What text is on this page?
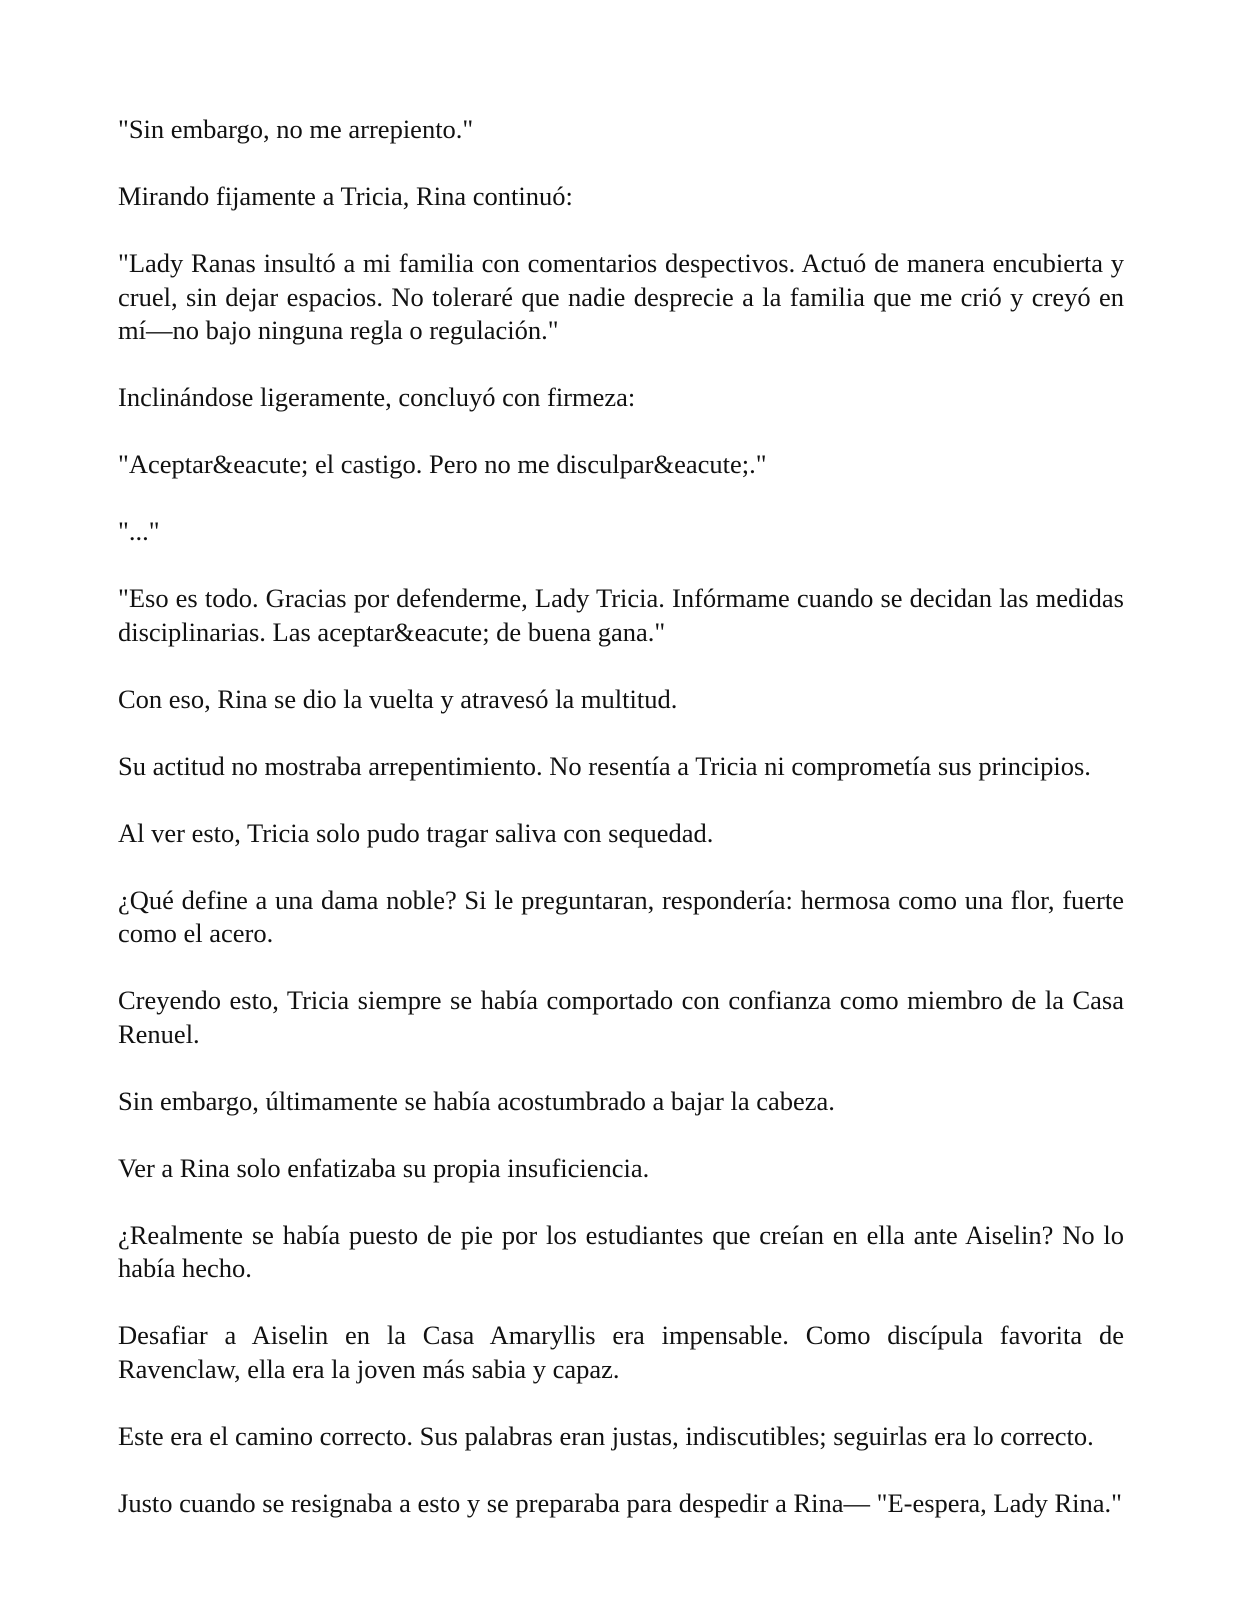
"Sin embargo, no me arrepiento."

Mirando fijamente a Tricia, Rina continuó:

"Lady Ranas insultó a mi familia con comentarios despectivos. Actuó de manera encubierta y cruel, sin dejar espacios. No toleraré que nadie desprecie a la familia que me crió y creyó en mí—no bajo ninguna regla o regulación."

Inclinándose ligeramente, concluyó con firmeza:

"Aceptar&eacute; el castigo. Pero no me disculpar&eacute;."

"..."

"Eso es todo. Gracias por defenderme, Lady Tricia. Infórmame cuando se decidan las medidas disciplinarias. Las aceptar&eacute; de buena gana."

Con eso, Rina se dio la vuelta y atravesó la multitud.

Su actitud no mostraba arrepentimiento. No resentía a Tricia ni comprometía sus principios.

Al ver esto, Tricia solo pudo tragar saliva con sequedad.

¿Qué define a una dama noble? Si le preguntaran, respondería: hermosa como una flor, fuerte como el acero.

Creyendo esto, Tricia siempre se había comportado con confianza como miembro de la Casa Renuel.

Sin embargo, últimamente se había acostumbrado a bajar la cabeza.

Ver a Rina solo enfatizaba su propia insuficiencia.

¿Realmente se había puesto de pie por los estudiantes que creían en ella ante Aiselin? No lo había hecho.

Desafiar a Aiselin en la Casa Amaryllis era impensable. Como discípula favorita de Ravenclaw, ella era la joven más sabia y capaz.

Este era el camino correcto. Sus palabras eran justas, indiscutibles; seguirlas era lo correcto.

Justo cuando se resignaba a esto y se preparaba para despedir a Rina— "E-espera, Lady Rina."
